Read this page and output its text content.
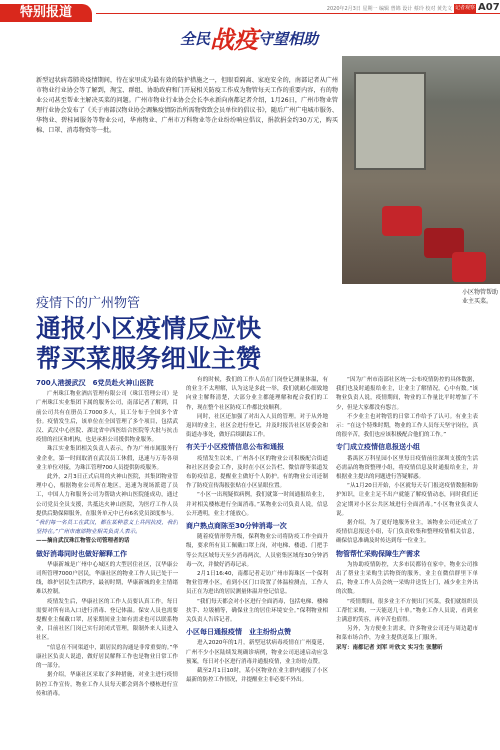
特别报道	2020年2月3日 星期一 编辑 曾锦 设计 蔡玲 校对 黄先文 记者观察 A07
全民战疫守望相助
新型冠状病毒肺炎疫情期间，待在家里成为最有效的防护措施之一，但眼看隔离、家庭安全的，南部记者从广州市物业行业协会等了解到，淘宝、群组、协助政府和门开展相关防疫工作成为物管每天工作的重要内容，有的物业公司甚至帮业主解决买菜的问题。广州市物业行业协会会长李永新向南都记者介绍，1月26日，广州市物业管理行业协会发布了《关于南部汉物业协会调集疫情防治所需物资致会员单位的倡议书》，随后广州广电城市服务、华物业、碧桂园服务等物业公司，华南物业、广州市万科物业等企业纷纷响应倡议，捐款捐金约30万元，购买棉、口罩、消毒物资等一批。
小区物管帮助业主买菜。
疫情下的广州物管
通报小区疫情反应快
帮买菜服务细业主赞
700人港援武汉　6党员赴火神山医院

广州珠江物业酒店管理有限公司（珠江管理公司）是广州珠江实业集团下属的服务公司，南部记者了解到，目前公司共有在册员工7000多人，员工分布于全国多个省份。疫情发生后，该单位在全国管理了多个项目，包括武汉、武汉中心医院、湖北省中西医结合医院等大批与抗击疫情的社区和机构，也是承担公司援供物业服务。

珠江实业集团相关负责人表示，作为广州市属服务行业企业，第一时间取消在武汉员工休假，迅速与万寿各项业主单位对接，为珠江管理700人员提供防疫服务。

此外，2月3日正式启用的火神山医院，其集团物业管理中心，根据物业公司所在地区，迅速为现场派遣了员工，中国人力和服务公司为帮助火神山医院能成功，通过公司党员全员支援，共抵达火神山医院，为医疗工作人员提供后勤保障服务，在服务单元中已有6名党员深度参与。

“我们每一名员工在武汉，都在某种意义上共同抗疫，我们坚持在。”广州市南部物业相关负责人表示。

——摘自武汉珠江物管公司管理者的话

做好消毒同时也做好解释工作

华康新城是广州中心城区的大型居住社区，汉华康公司所管理7000户居民，华康社区的物业工作人员已处于一线，维护居民生活秩序，最初时期，华康新城的业主情绪难以控制。

疫情发生后，华康社区的工作人员要认真工作，每日需要对所有出入口进行消毒、登记体温。保安人员也需要提醒业主佩戴口罩，居家期间业主如有需求也可以联系物业，目前社区门岗已实行封闭式管理，限制外来人员进入社区。

“信息在不同渠道中，跟居民的沟通是非常重要的。”华康社区负责人说道，做好居民解释工作也是物业日常工作的一部分。

据介绍，华康社区采取了多种措施，对业主进行疫情防控工作宣传，物业工作人员每天都会到各个楼栋进行宣传和消毒。

有的时候，我们的工作人员在门岗登记测量体温，有的业主不太理解，认为这是多此一举，我们就耐心细致地向业主解释清楚，大部分业主都能理解和配合我们的工作，现在整个社区防疫工作都比较顺利。

同时，社区还加强了对出入人员的管理。对于从外地返回的业主，社区会进行登记，并及时报告社区居委会和街道办事处，做好后续跟踪工作。

有关于小区疫情信息公布和通报

疫情发生以来，广州各小区的物业公司积极配合街道和社区居委会工作，及时在小区公告栏、微信群等渠道发布防疫信息，提醒业主做好个人防护。有的物业公司还制作了防疫宣传海报张贴在小区显眼位置。

“小区一出现疑似病例，我们就第一时间通报给业主，并对相关楼栋进行全面消毒。”某物业公司负责人说，信息公开透明，业主才能放心。

商户熟点商陈至30分钟消毒一次

随着疫情形势升级，保利物业公司将防疫工作全面升级，要求所有员工佩戴口罩上岗，对电梯、楼道、门把手等公共区域每天至少消毒两次，人员密集区域每30分钟消毒一次，并做好消毒记录。

2月1日16:40，南都记者走访广州市海珠区一个保利物业管理小区，看到小区门口设置了体温检测点，工作人员正在为进出的居民测量体温并登记信息。

“我们每天都会对小区进行全面消毒，包括电梯、楼梯扶手、垃圾桶等，确保业主的居住环境安全。”保利物业相关负责人告诉记者。

小区每日通报疫情　业主纷纷点赞

进入2020年的1月，新型冠状病毒疫情在广州蔓延，广州不少小区陆续发现确诊病例，物业公司迅速启动应急预案，每日对小区进行消毒并通报疫情，业主纷纷点赞。

截至2月1日10时，某小区物业在业主群内通报了小区最新的防控工作情况，并提醒业主非必要不外出。

“因为广州市南部社区统一公布疫情防控的具体数据，我们也及时通报给业主，让业主了解情况，心中有数。”该物业负责人说，疫情期间，物业的工作量比平时增加了不少，但是大家都没有怨言。

不少业主也对物管的日常工作给予了认可。有业主表示：“在这个特殊时期，物业的工作人员每天坚守岗位，真的很辛苦，我们也应该积极配合他们的工作。”

专门成立疫情信息报送小组

番禺区万科星园小区里每日疫情前往深圳支援的生活必需品的物资整理小组，将疫情信息及时通报给业主，并根据业主提出的问题进行答疑解惑。

“从1月20日开始，小区就每天专门报送疫情数据和防护知识，让业主足不出户就能了解疫情动态，同时我们还会定期对小区公共区域进行全面消毒。”小区物业负责人说。

据介绍，为了更好地服务业主，该物业公司还成立了疫情信息报送小组，专门负责收集和整理疫情相关信息，确保信息准确及时传达到每一位业主。

物管帮忙采购保障生产需求

为协助疫情防控，大多市民都待在家中，物业公司推出了帮业主采购生活物资的服务，业主在微信群里下单后，物业工作人员会统一采购并送货上门，减少业主外出的次数。

“疫情期间，很多业主不方便出门买菜，我们就组织员工帮忙采购，一天能送几十单。”物业工作人员说，看到业主满意的笑容，再辛苦也值得。

另外，为方便业主需求，许多物业公司还与周边超市和菜市场合作，为业主提供送菜上门服务。

采写：南都记者 刘军 叶欣文 实习生 张慧昕
